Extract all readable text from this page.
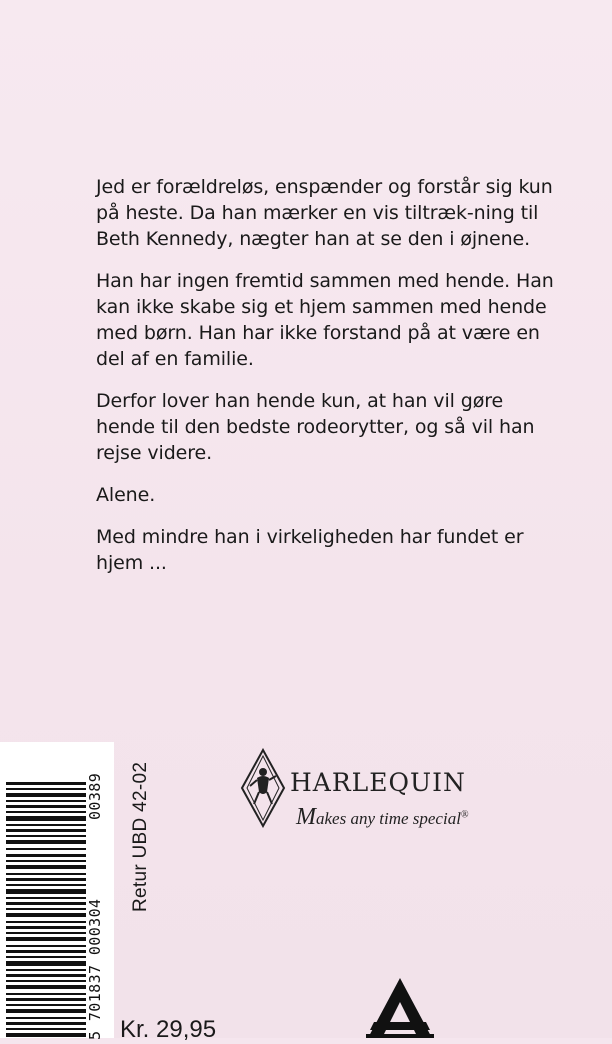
Jed er forældreløs, enspænder og forstår sig kun på heste. Da han mærker en vis tiltræk-ning til Beth Kennedy, nægter han at se den i øjnene.

Han har ingen fremtid sammen med hende. Han kan ikke skabe sig et hjem sammen med hende med børn. Han har ikke forstand på at være en del af en familie.

Derfor lover han hende kun, at han vil gøre hende til den bedste rodeorytter, og så vil han rejse videre.

Alene.

Med mindre han i virkeligheden har fundet er hjem ...

HARLEQUIN
Makes any time special®
5 701837 000304
00389 Retur UBD 42-02
Kr. 29,95
